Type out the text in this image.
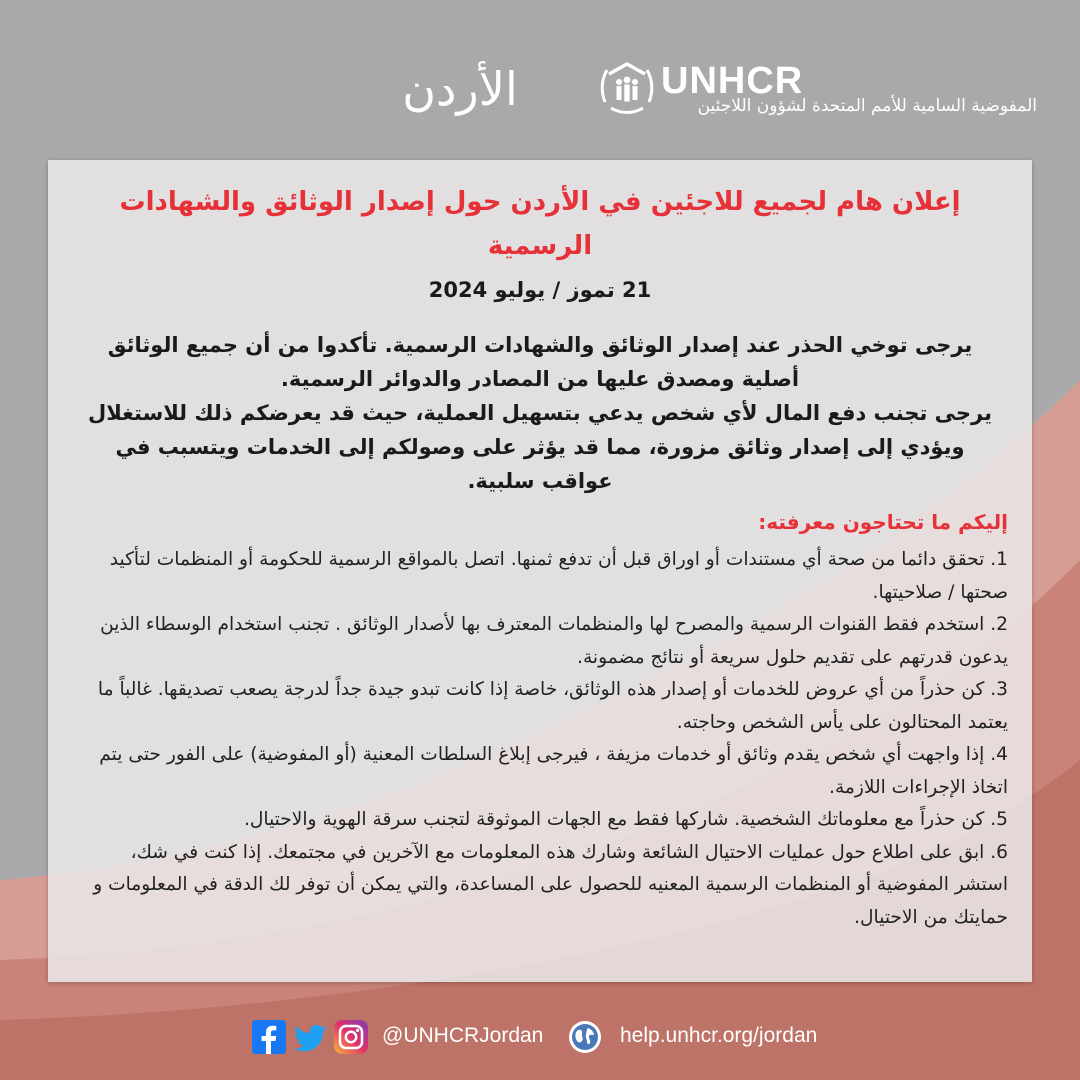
الأردن	UNHCR
المفوضية السامية للأمم المتحدة لشؤون اللاجئين
إعلان هام لجميع للاجئين في الأردن حول إصدار الوثائق والشهادات الرسمية
21 تموز / يوليو 2024

يرجى توخي الحذر عند إصدار الوثائق والشهادات الرسمية. تأكدوا من أن جميع الوثائق أصلية ومصدق عليها من المصادر والدوائر الرسمية.

يرجى تجنب دفع المال لأي شخص يدعي بتسهيل العملية، حيث قد يعرضكم ذلك للاستغلال ويؤدي إلى إصدار وثائق مزورة، مما قد يؤثر على وصولكم إلى الخدمات ويتسبب في عواقب سلبية.

إليكم ما تحتاجون معرفته:

1. تحقق دائما من صحة أي مستندات أو اوراق قبل أن تدفع ثمنها. اتصل بالمواقع الرسمية للحكومة أو المنظمات لتأكيد صحتها / صلاحيتها.

2. استخدم فقط القنوات الرسمية والمصرح لها والمنظمات المعترف بها لأصدار الوثائق . تجنب استخدام الوسطاء الذين يدعون قدرتهم على تقديم حلول سريعة أو نتائج مضمونة.

3. كن حذراً من أي عروض للخدمات أو إصدار هذه الوثائق، خاصة إذا كانت تبدو جيدة جداً لدرجة يصعب تصديقها. غالباً ما يعتمد المحتالون على يأس الشخص وحاجته.

4. إذا واجهت أي شخص يقدم وثائق أو خدمات مزيفة ، فيرجى إبلاغ السلطات المعنية (أو المفوضية) على الفور حتى يتم اتخاذ الإجراءات اللازمة.

5. كن حذراً مع معلوماتك الشخصية. شاركها فقط مع الجهات الموثوقة لتجنب سرقة الهوية والاحتيال.

6. ابق على اطلاع حول عمليات الاحتيال الشائعة وشارك هذه المعلومات مع الآخرين في مجتمعك. إذا كنت في شك، استشر المفوضية أو المنظمات الرسمية المعنيه للحصول على المساعدة، والتي يمكن أن توفر لك الدقة في المعلومات و حمايتك من الاحتيال.

@UNHCRJordan	help.unhcr.org/jordan
